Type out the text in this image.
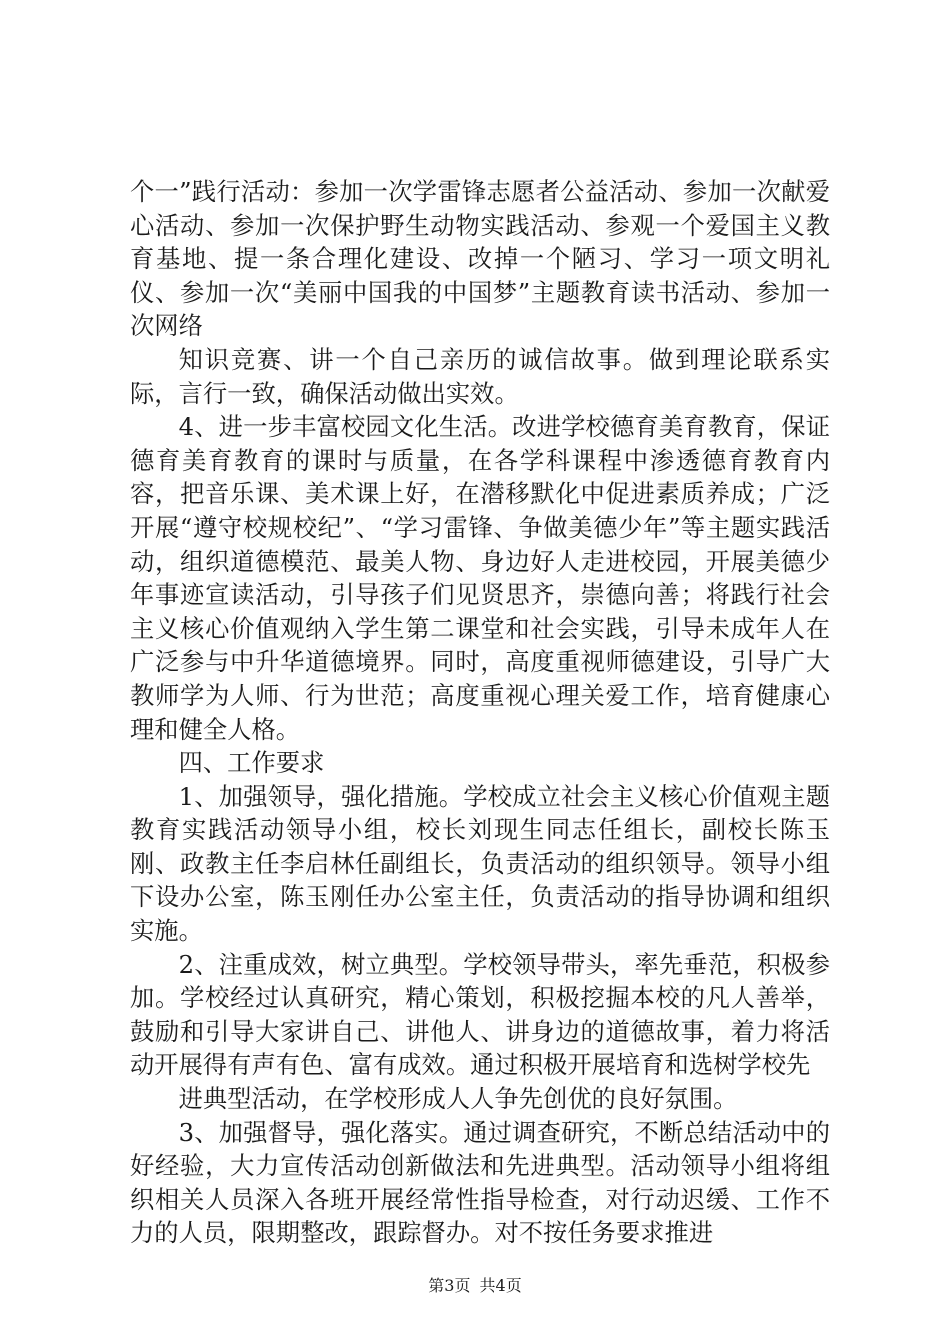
个一”践行活动：参加一次学雷锋志愿者公益活动、参加一次献爱心活动、参加一次保护野生动物实践活动、参观一个爱国主义教育基地、提一条合理化建设、改掉一个陋习、学习一项文明礼仪、参加一次“美丽中国我的中国梦”主题教育读书活动、参加一次网络

知识竞赛、讲一个自己亲历的诚信故事。做到理论联系实际，言行一致，确保活动做出实效。

4、进一步丰富校园文化生活。改进学校德育美育教育，保证德育美育教育的课时与质量，在各学科课程中渗透德育教育内容，把音乐课、美术课上好，在潜移默化中促进素质养成；广泛开展“遵守校规校纪”、“学习雷锋、争做美德少年”等主题实践活动，组织道德模范、最美人物、身边好人走进校园，开展美德少年事迹宣读活动，引导孩子们见贤思齐，崇德向善；将践行社会主义核心价值观纳入学生第二课堂和社会实践，引导未成年人在广泛参与中升华道德境界。同时，高度重视师德建设，引导广大教师学为人师、行为世范；高度重视心理关爱工作，培育健康心理和健全人格。

四、工作要求

1、加强领导，强化措施。学校成立社会主义核心价值观主题教育实践活动领导小组，校长刘现生同志任组长，副校长陈玉刚、政教主任李启林任副组长，负责活动的组织领导。领导小组下设办公室，陈玉刚任办公室主任，负责活动的指导协调和组织实施。

2、注重成效，树立典型。学校领导带头，率先垂范，积极参加。学校经过认真研究，精心策划，积极挖掘本校的凡人善举，鼓励和引导大家讲自己、讲他人、讲身边的道德故事，着力将活动开展得有声有色、富有成效。通过积极开展培育和选树学校先

进典型活动，在学校形成人人争先创优的良好氛围。

3、加强督导，强化落实。通过调查研究，不断总结活动中的好经验，大力宣传活动创新做法和先进典型。活动领导小组将组织相关人员深入各班开展经常性指导检查，对行动迟缓、工作不力的人员，限期整改，跟踪督办。对不按任务要求推进

第3页 共4页
